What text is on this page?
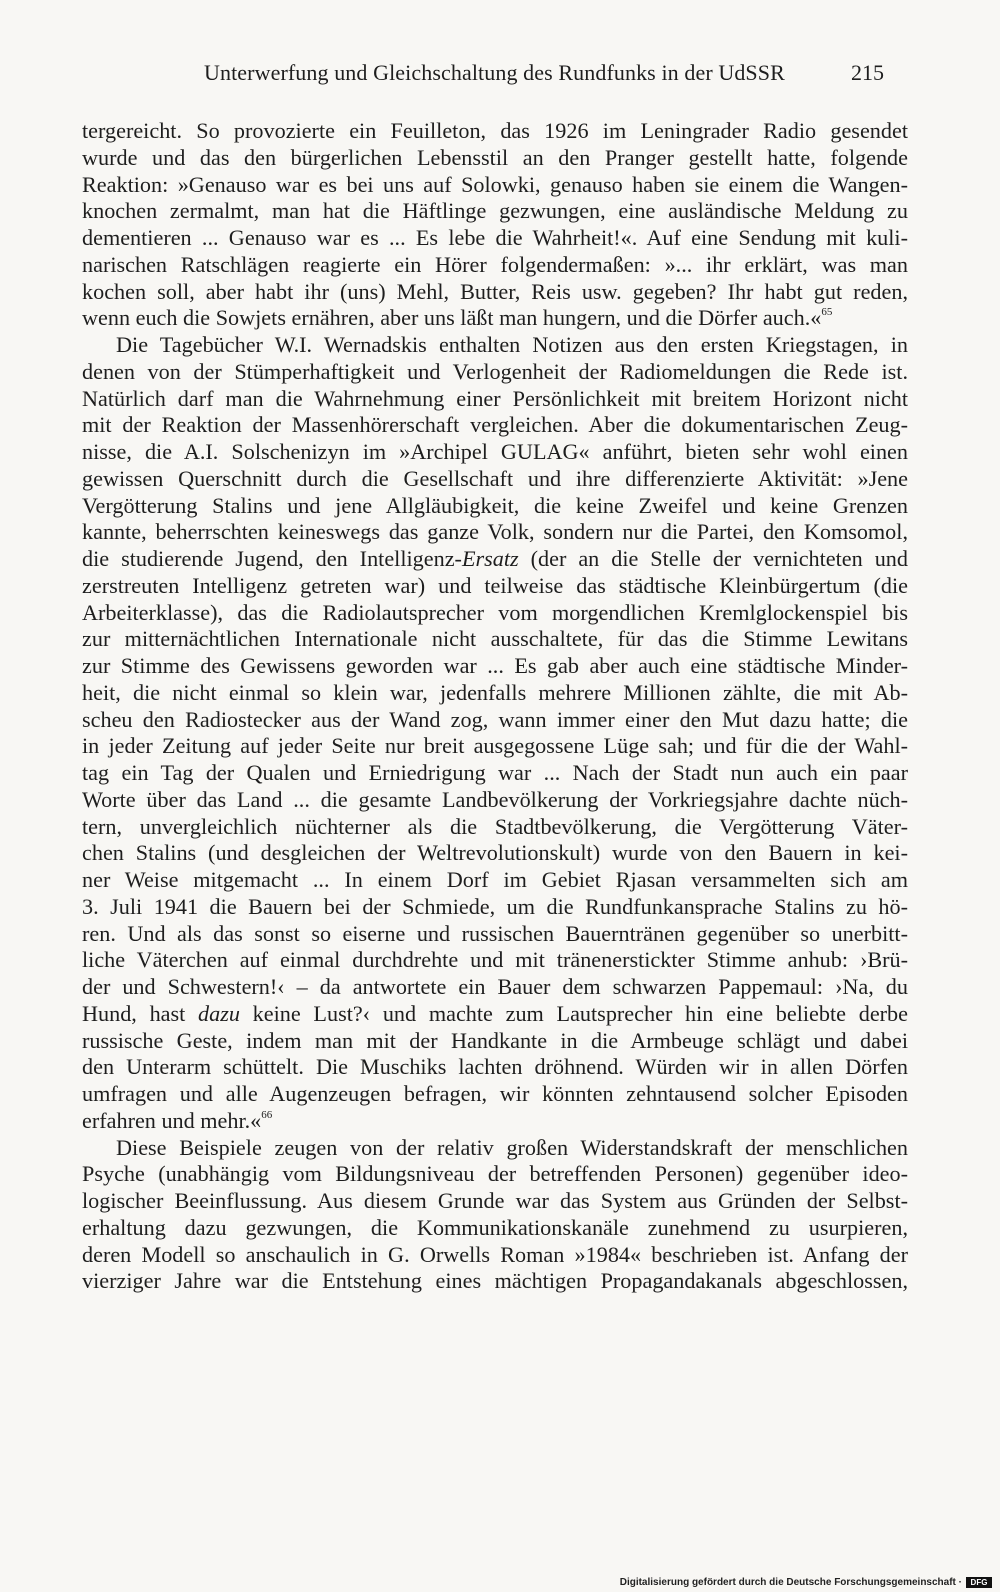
Unterwerfung und Gleichschaltung des Rundfunks in der UdSSR	215
tergereicht. So provozierte ein Feuilleton, das 1926 im Leningrader Radio gesendet
wurde und das den bürgerlichen Lebensstil an den Pranger gestellt hatte, folgende
Reaktion: »Genauso war es bei uns auf Solowki, genauso haben sie einem die Wangen-
knochen zermalmt, man hat die Häftlinge gezwungen, eine ausländische Meldung zu
dementieren ... Genauso war es ... Es lebe die Wahrheit!«. Auf eine Sendung mit kuli-
narischen Ratschlägen reagierte ein Hörer folgendermaßen: »... ihr erklärt, was man
kochen soll, aber habt ihr (uns) Mehl, Butter, Reis usw. gegeben? Ihr habt gut reden,
wenn euch die Sowjets ernähren, aber uns läßt man hungern, und die Dörfer auch.«$^{65}$
Die Tagebücher W.I. Wernadskis enthalten Notizen aus den ersten Kriegstagen, in
denen von der Stümperhaftigkeit und Verlogenheit der Radiomeldungen die Rede ist.
Natürlich darf man die Wahrnehmung einer Persönlichkeit mit breitem Horizont nicht
mit der Reaktion der Massenhörerschaft vergleichen. Aber die dokumentarischen Zeug-
nisse, die A.I. Solschenizyn im »Archipel GULAG« anführt, bieten sehr wohl einen
gewissen Querschnitt durch die Gesellschaft und ihre differenzierte Aktivität: »Jene
Vergötterung Stalins und jene Allgläubigkeit, die keine Zweifel und keine Grenzen
kannte, beherrschten keineswegs das ganze Volk, sondern nur die Partei, den Komsomol,
die studierende Jugend, den Intelligenz-Ersatz (der an die Stelle der vernichteten und
zerstreuten Intelligenz getreten war) und teilweise das städtische Kleinbürgertum (die
Arbeiterklasse), das die Radiolautsprecher vom morgendlichen Kremlglockenspiel bis
zur mitternächtlichen Internationale nicht ausschaltete, für das die Stimme Lewitans
zur Stimme des Gewissens geworden war ... Es gab aber auch eine städtische Minder-
heit, die nicht einmal so klein war, jedenfalls mehrere Millionen zählte, die mit Ab-
scheu den Radiostecker aus der Wand zog, wann immer einer den Mut dazu hatte; die
in jeder Zeitung auf jeder Seite nur breit ausgegossene Lüge sah; und für die der Wahl-
tag ein Tag der Qualen und Erniedrigung war ... Nach der Stadt nun auch ein paar
Worte über das Land ... die gesamte Landbevölkerung der Vorkriegsjahre dachte nüch-
tern, unvergleichlich nüchterner als die Stadtbevölkerung, die Vergötterung Väter-
chen Stalins (und desgleichen der Weltrevolutionskult) wurde von den Bauern in kei-
ner Weise mitgemacht ... In einem Dorf im Gebiet Rjasan versammelten sich am
3. Juli 1941 die Bauern bei der Schmiede, um die Rundfunkansprache Stalins zu hö-
ren. Und als das sonst so eiserne und russischen Bauerntränen gegenüber so unerbitt-
liche Väterchen auf einmal durchdrehte und mit tränenerstickter Stimme anhub: ›Brü-
der und Schwestern!‹ – da antwortete ein Bauer dem schwarzen Pappemaul: ›Na, du
Hund, hast dazu keine Lust?‹ und machte zum Lautsprecher hin eine beliebte derbe
russische Geste, indem man mit der Handkante in die Armbeuge schlägt und dabei
den Unterarm schüttelt. Die Muschiks lachten dröhnend. Würden wir in allen Dörfen
umfragen und alle Augenzeugen befragen, wir könnten zehntausend solcher Episoden
erfahren und mehr.«$^{66}$
Diese Beispiele zeugen von der relativ großen Widerstandskraft der menschlichen
Psyche (unabhängig vom Bildungsniveau der betreffenden Personen) gegenüber ideo-
logischer Beeinflussung. Aus diesem Grunde war das System aus Gründen der Selbst-
erhaltung dazu gezwungen, die Kommunikationskanäle zunehmend zu usurpieren,
deren Modell so anschaulich in G. Orwells Roman »1984« beschrieben ist. Anfang der
vierziger Jahre war die Entstehung eines mächtigen Propagandakanals abgeschlossen,
Digitalisierung gefördert durch die Deutsche Forschungsgemeinschaft ·	DFG
